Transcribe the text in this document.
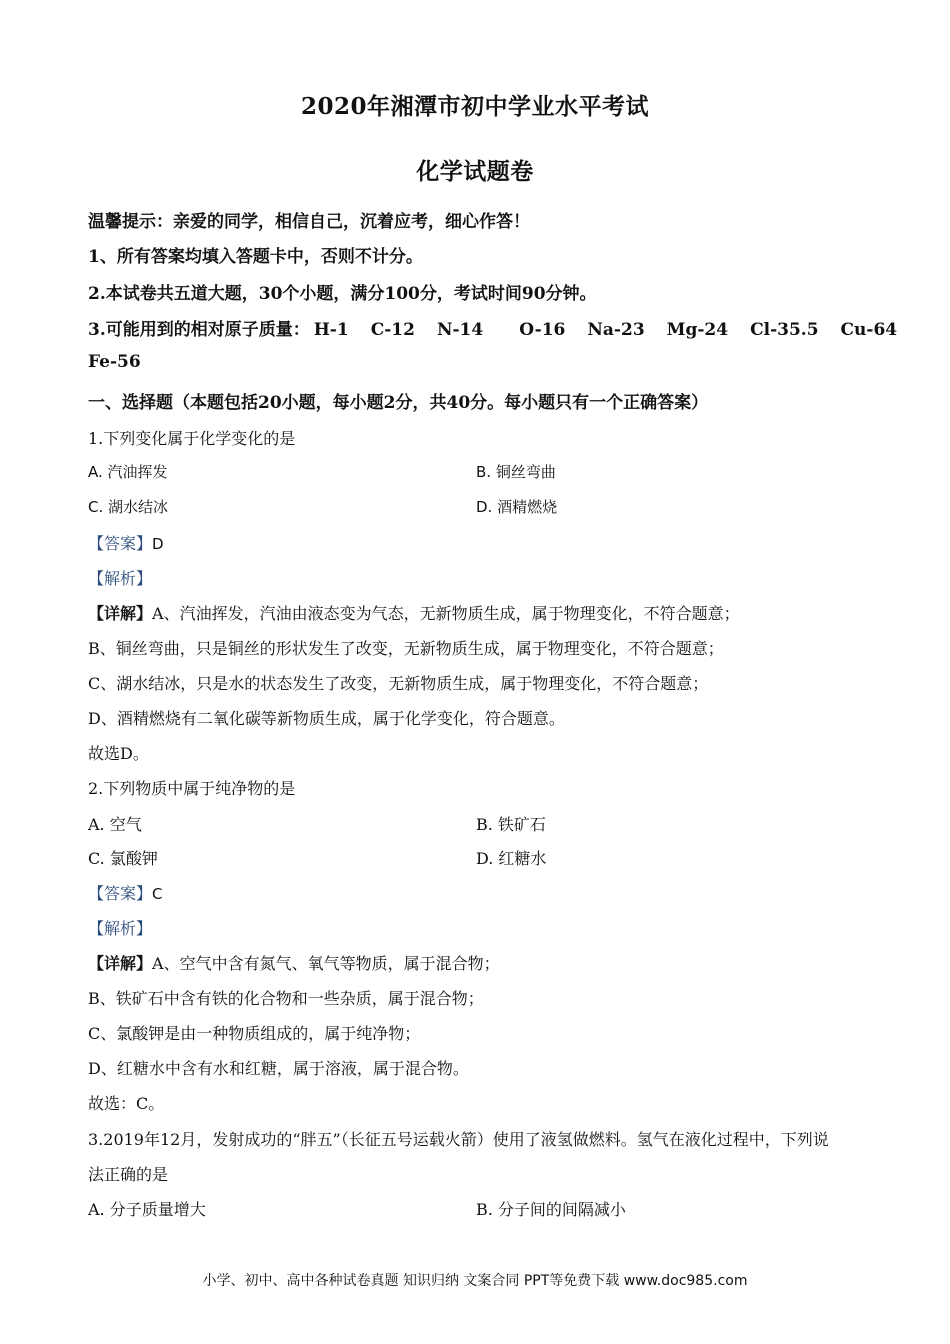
2020年湘潭市初中学业水平考试
化学试题卷
温馨提示：亲爱的同学，相信自己，沉着应考，细心作答！
1、所有答案均填入答题卡中，否则不计分。
2.本试卷共五道大题，30个小题，满分100分，考试时间90分钟。
3.可能用到的相对原子质量： H-1 C-12 N-14 O-16 Na-23 Mg-24 Cl-35.5 Cu-64
Fe-56
一、选择题（本题包括20小题，每小题2分，共40分。每小题只有一个正确答案）
1.下列变化属于化学变化的是
A. 汽油挥发	B. 铜丝弯曲
C. 湖水结冰	D. 酒精燃烧
【答案】D
【解析】
【详解】A、汽油挥发，汽油由液态变为气态，无新物质生成，属于物理变化，不符合题意；
B、铜丝弯曲，只是铜丝的形状发生了改变，无新物质生成，属于物理变化，不符合题意；
C、湖水结冰，只是水的状态发生了改变，无新物质生成，属于物理变化，不符合题意；
D、酒精燃烧有二氧化碳等新物质生成，属于化学变化，符合题意。
故选D。
2.下列物质中属于纯净物的是
A. 空气	B. 铁矿石
C. 氯酸钾	D. 红糖水
【答案】C
【解析】
【详解】A、空气中含有氮气、氧气等物质，属于混合物；
B、铁矿石中含有铁的化合物和一些杂质，属于混合物；
C、氯酸钾是由一种物质组成的，属于纯净物；
D、红糖水中含有水和红糖，属于溶液，属于混合物。
故选：C。
3.2019年12月，发射成功的“胖五”（长征五号运载火箭）使用了液氢做燃料。氢气在液化过程中，下列说
法正确的是
A. 分子质量增大	B. 分子间的间隔减小
小学、初中、高中各种试卷真题 知识归纳 文案合同 PPT等免费下载 www.doc985.com
